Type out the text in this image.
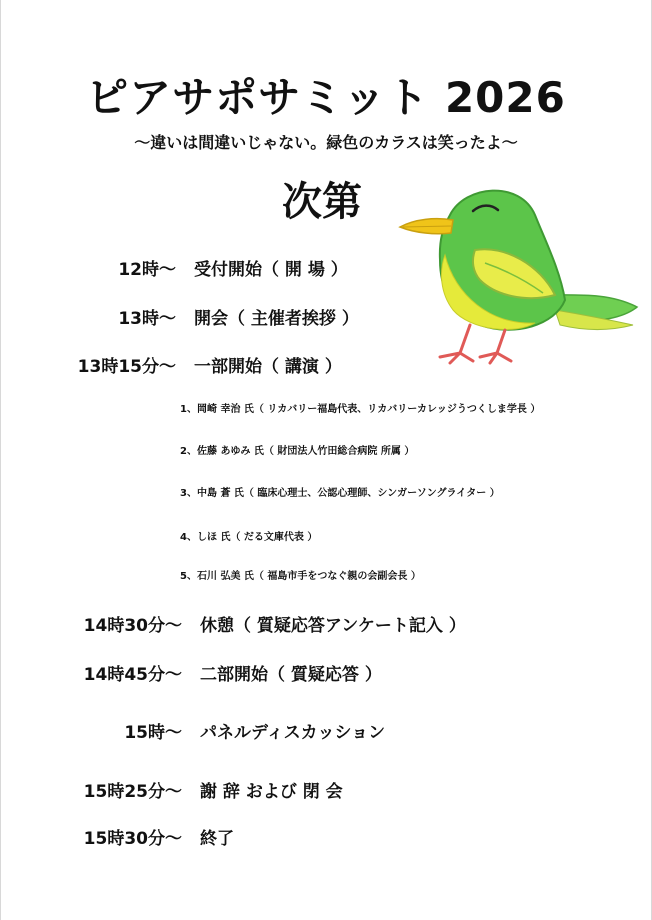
ピアサポサミット 2026
～違いは間違いじゃない。緑色のカラスは笑ったよ～
次第
12時～ 受付開始（ 開 場 ）
13時～ 開会（ 主催者挨拶 ）
13時15分～ 一部開始（ 講演 ）
1、岡崎 幸治 氏（ リカバリー福島代表、リカバリーカレッジうつくしま学長 ）
2、佐藤 あゆみ 氏（ 財団法人竹田総合病院 所属 ）
3、中島 蒼 氏（ 臨床心理士、公認心理師、シンガーソングライター ）
4、しほ 氏（ だる文庫代表 ）
5、石川 弘美 氏（ 福島市手をつなぐ親の会副会長 ）
14時30分～ 休憩（ 質疑応答アンケート記入 ）
14時45分～ 二部開始（ 質疑応答 ）
15時～ パネルディスカッション
15時25分～ 謝 辞 および 閉 会
15時30分～ 終了
